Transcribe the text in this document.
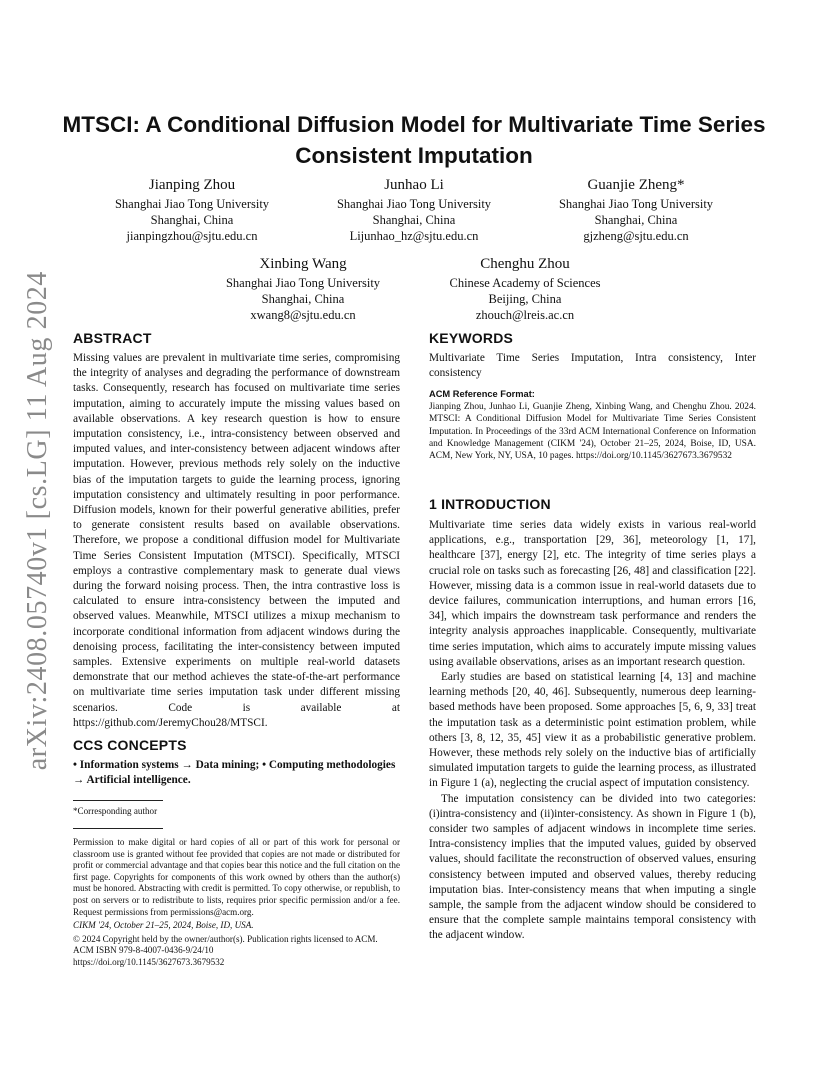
arXiv:2408.05740v1 [cs.LG] 11 Aug 2024
MTSCI: A Conditional Diffusion Model for Multivariate Time Series Consistent Imputation
Jianping Zhou
Shanghai Jiao Tong University
Shanghai, China
jianpingzhou@sjtu.edu.cn
Junhao Li
Shanghai Jiao Tong University
Shanghai, China
Lijunhao_hz@sjtu.edu.cn
Guanjie Zheng*
Shanghai Jiao Tong University
Shanghai, China
gjzheng@sjtu.edu.cn
Xinbing Wang
Shanghai Jiao Tong University
Shanghai, China
xwang8@sjtu.edu.cn
Chenghu Zhou
Chinese Academy of Sciences
Beijing, China
zhouch@lreis.ac.cn
ABSTRACT

Missing values are prevalent in multivariate time series, compromising the integrity of analyses and degrading the performance of downstream tasks. Consequently, research has focused on multivariate time series imputation, aiming to accurately impute the missing values based on available observations. A key research question is how to ensure imputation consistency, i.e., intra-consistency between observed and imputed values, and inter-consistency between adjacent windows after imputation. However, previous methods rely solely on the inductive bias of the imputation targets to guide the learning process, ignoring imputation consistency and ultimately resulting in poor performance. Diffusion models, known for their powerful generative abilities, prefer to generate consistent results based on available observations. Therefore, we propose a conditional diffusion model for Multivariate Time Series Consistent Imputation (MTSCI). Specifically, MTSCI employs a contrastive complementary mask to generate dual views during the forward noising process. Then, the intra contrastive loss is calculated to ensure intra-consistency between the imputed and observed values. Meanwhile, MTSCI utilizes a mixup mechanism to incorporate conditional information from adjacent windows during the denoising process, facilitating the inter-consistency between imputed samples. Extensive experiments on multiple real-world datasets demonstrate that our method achieves the state-of-the-art performance on multivariate time series imputation task under different missing scenarios. Code is available at https://github.com/JeremyChou28/MTSCI.

CCS CONCEPTS

• Information systems → Data mining; • Computing methodologies → Artificial intelligence.

*Corresponding author

Permission to make digital or hard copies of all or part of this work for personal or classroom use is granted without fee provided that copies are not made or distributed for profit or commercial advantage and that copies bear this notice and the full citation on the first page. Copyrights for components of this work owned by others than the author(s) must be honored. Abstracting with credit is permitted. To copy otherwise, or republish, to post on servers or to redistribute to lists, requires prior specific permission and/or a fee. Request permissions from permissions@acm.org.

CIKM '24, October 21–25, 2024, Boise, ID, USA.

© 2024 Copyright held by the owner/author(s). Publication rights licensed to ACM.

ACM ISBN 979-8-4007-0436-9/24/10

https://doi.org/10.1145/3627673.3679532

KEYWORDS

Multivariate Time Series Imputation, Intra consistency, Inter consistency

ACM Reference Format:

Jianping Zhou, Junhao Li, Guanjie Zheng, Xinbing Wang, and Chenghu Zhou. 2024. MTSCI: A Conditional Diffusion Model for Multivariate Time Series Consistent Imputation. In Proceedings of the 33rd ACM International Conference on Information and Knowledge Management (CIKM '24), October 21–25, 2024, Boise, ID, USA. ACM, New York, NY, USA, 10 pages. https://doi.org/10.1145/3627673.3679532

1 INTRODUCTION

Multivariate time series data widely exists in various real-world applications, e.g., transportation [29, 36], meteorology [1, 17], healthcare [37], energy [2], etc. The integrity of time series plays a crucial role on tasks such as forecasting [26, 48] and classification [22]. However, missing data is a common issue in real-world datasets due to device failures, communication interruptions, and human errors [16, 34], which impairs the downstream task performance and renders the integrity analysis approaches inapplicable. Consequently, multivariate time series imputation, which aims to accurately impute missing values using available observations, arises as an important research question.

Early studies are based on statistical learning [4, 13] and machine learning methods [20, 40, 46]. Subsequently, numerous deep learning-based methods have been proposed. Some approaches [5, 6, 9, 33] treat the imputation task as a deterministic point estimation problem, while others [3, 8, 12, 35, 45] view it as a probabilistic generative problem. However, these methods rely solely on the inductive bias of artificially simulated imputation targets to guide the learning process, as illustrated in Figure 1 (a), neglecting the crucial aspect of imputation consistency.

The imputation consistency can be divided into two categories: (i)intra-consistency and (ii)inter-consistency. As shown in Figure 1 (b), consider two samples of adjacent windows in incomplete time series. Intra-consistency implies that the imputed values, guided by observed values, should facilitate the reconstruction of observed values, ensuring consistency between imputed and observed values, thereby reducing imputation bias. Inter-consistency means that when imputing a single sample, the sample from the adjacent window should be considered to ensure that the complete sample maintains temporal consistency with the adjacent window.
